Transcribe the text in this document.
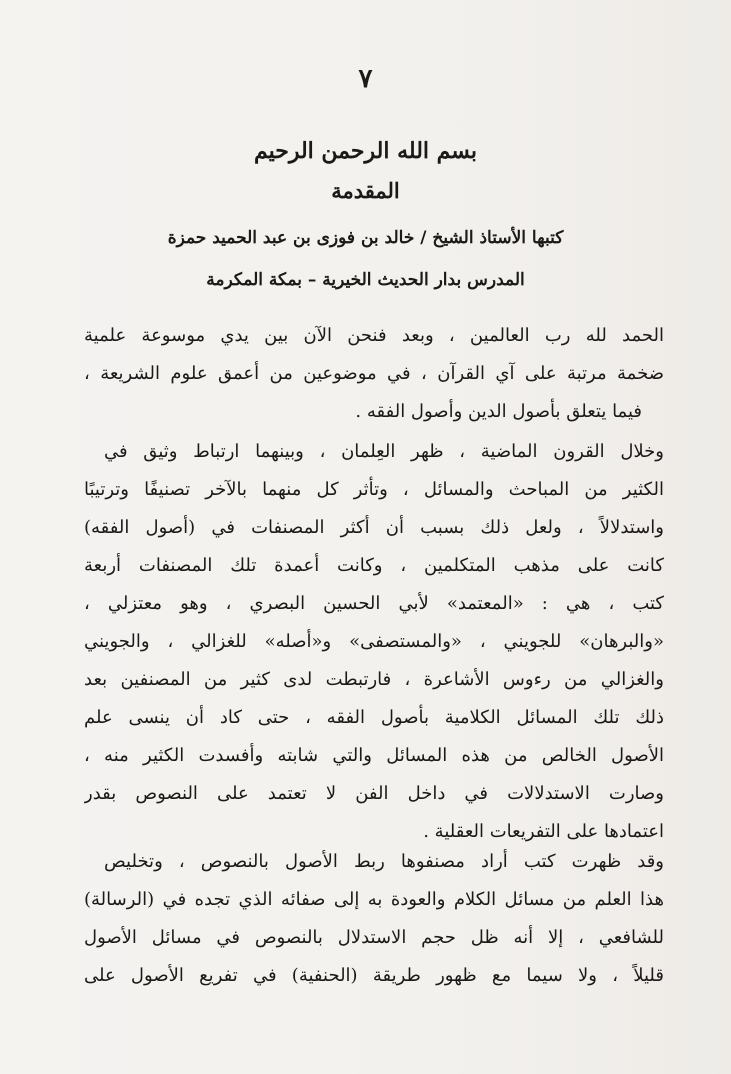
٧
بسم الله الرحمن الرحيم
المقدمة
كتبها الأستاذ الشيخ / خالد بن فوزى بن عبد الحميد حمزة
المدرس بدار الحديث الخيرية – بمكة المكرمة
الحمد لله رب العالمين ، وبعد فنحن الآن بين يدي موسوعة علمية
ضخمة مرتبة على آي القرآن ، في موضوعين من أعمق علوم الشريعة ،
فيما يتعلق بأصول الدين وأصول الفقه .
وخلال القرون الماضية ، ظهر العِلمان ، وبينهما ارتباط وثيق في
الكثير من المباحث والمسائل ، وتأثر كل منهما بالآخر تصنيفًا وترتيبًا
واستدلالاً ، ولعل ذلك بسبب أن أكثر المصنفات في (أصول الفقه)
كانت على مذهب المتكلمين ، وكانت أعمدة تلك المصنفات أربعة
كتب ، هي : «المعتمد» لأبي الحسين البصري ، وهو معتزلي ،
«والبرهان» للجويني ، «والمستصفى» و«أصله» للغزالي ، والجويني
والغزالي من رءوس الأشاعرة ، فارتبطت لدى كثير من المصنفين بعد
ذلك تلك المسائل الكلامية بأصول الفقه ، حتى كاد أن ينسى علم
الأصول الخالص من هذه المسائل والتي شابته وأفسدت الكثير منه ،
وصارت الاستدلالات في داخل الفن لا تعتمد على النصوص بقدر
اعتمادها على التفريعات العقلية .
وقد ظهرت كتب أراد مصنفوها ربط الأصول بالنصوص ، وتخليص
هذا العلم من مسائل الكلام والعودة به إلى صفائه الذي تجده في (الرسالة)
للشافعي ، إلا أنه ظل حجم الاستدلال بالنصوص في مسائل الأصول
قليلاً ، ولا سيما مع ظهور طريقة (الحنفية) في تفريع الأصول على
